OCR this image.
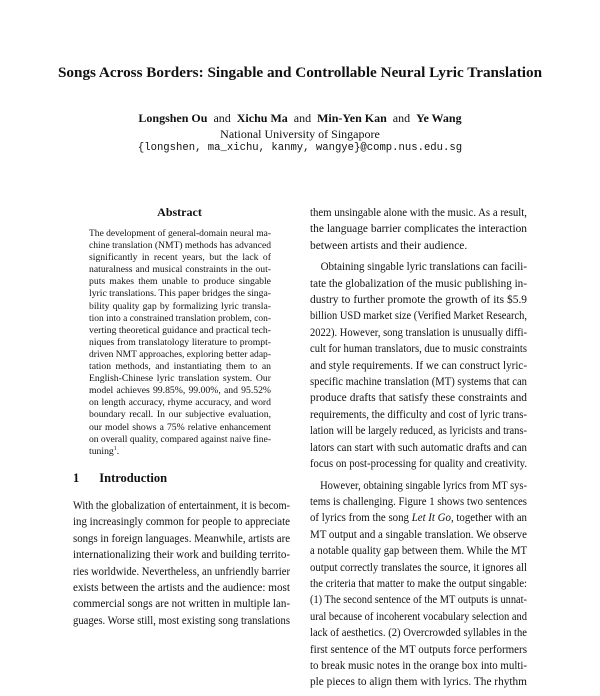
Songs Across Borders: Singable and Controllable Neural Lyric Translation
Longshen Ou and Xichu Ma and Min-Yen Kan and Ye Wang
National University of Singapore
{longshen, ma_xichu, kanmy, wangye}@comp.nus.edu.sg
Abstract
The development of general-domain neural ma-
chine translation (NMT) methods has advanced
significantly in recent years, but the lack of
naturalness and musical constraints in the out-
puts makes them unable to produce singable
lyric translations. This paper bridges the singa-
bility quality gap by formalizing lyric transla-
tion into a constrained translation problem, con-
verting theoretical guidance and practical tech-
niques from translatology literature to prompt-
driven NMT approaches, exploring better adap-
tation methods, and instantiating them to an
English-Chinese lyric translation system. Our
model achieves 99.85%, 99.00%, and 95.52%
on length accuracy, rhyme accuracy, and word
boundary recall. In our subjective evaluation,
our model shows a 75% relative enhancement
on overall quality, compared against naive fine-
tuning$^1$.
1 Introduction
With the globalization of entertainment, it is becom-
ing increasingly common for people to appreciate
songs in foreign languages. Meanwhile, artists are
internationalizing their work and building territo-
ries worldwide. Nevertheless, an unfriendly barrier
exists between the artists and the audience: most
commercial songs are not written in multiple lan-
guages. Worse still, most existing song translations
them unsingable alone with the music. As a result,
the language barrier complicates the interaction
between artists and their audience.
Obtaining singable lyric translations can facili-
tate the globalization of the music publishing in-
dustry to further promote the growth of its $5.9
billion USD market size (Verified Market Research,
2022). However, song translation is unusually diffi-
cult for human translators, due to music constraints
and style requirements. If we can construct lyric-
specific machine translation (MT) systems that can
produce drafts that satisfy these constraints and
requirements, the difficulty and cost of lyric trans-
lation will be largely reduced, as lyricists and trans-
lators can start with such automatic drafts and can
focus on post-processing for quality and creativity.
However, obtaining singable lyrics from MT sys-
tems is challenging. Figure 1 shows two sentences
of lyrics from the song Let It Go, together with an
MT output and a singable translation. We observe
a notable quality gap between them. While the MT
output correctly translates the source, it ignores all
the criteria that matter to make the output singable:
(1) The second sentence of the MT outputs is unnat-
ural because of incoherent vocabulary selection and
lack of aesthetics. (2) Overcrowded syllables in the
first sentence of the MT outputs force performers
to break music notes in the orange box into multi-
ple pieces to align them with lyrics. The rhythm
